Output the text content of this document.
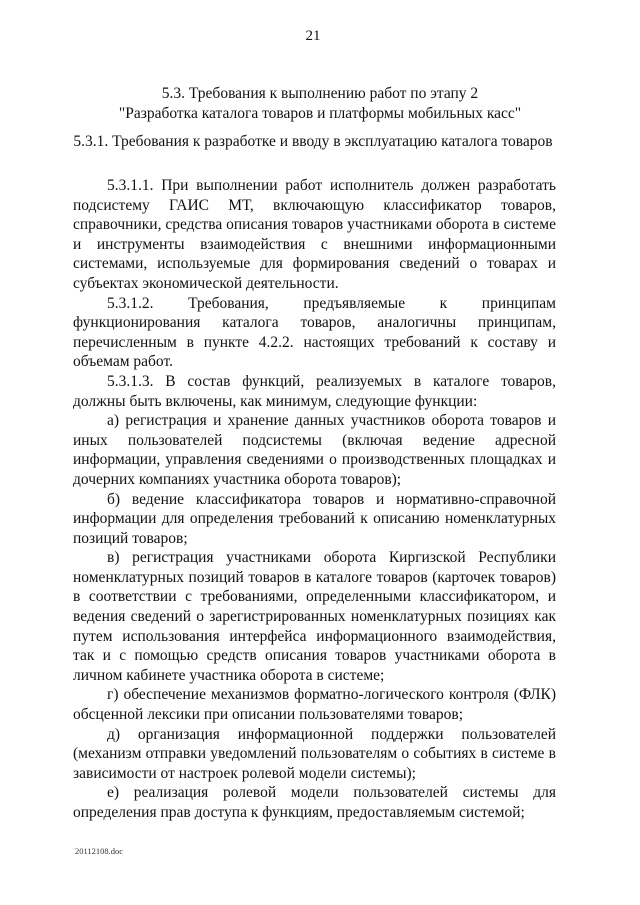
21
5.3. Требования к выполнению работ по этапу 2
"Разработка каталога товаров и платформы мобильных касс"
5.3.1. Требования к разработке и вводу в эксплуатацию каталога товаров

5.3.1.1. При выполнении работ исполнитель должен разработать подсистему ГАИС МТ, включающую классификатор товаров, справочники, средства описания товаров участниками оборота в системе и инструменты взаимодействия с внешними информационными системами, используемые для формирования сведений о товарах и субъектах экономической деятельности.

5.3.1.2. Требования, предъявляемые к принципам функционирования каталога товаров, аналогичны принципам, перечисленным в пункте 4.2.2. настоящих требований к составу и объемам работ.

5.3.1.3. В состав функций, реализуемых в каталоге товаров, должны быть включены, как минимум, следующие функции:

а) регистрация и хранение данных участников оборота товаров и иных пользователей подсистемы (включая ведение адресной информации, управления сведениями о производственных площадках и дочерних компаниях участника оборота товаров);

б) ведение классификатора товаров и нормативно-справочной информации для определения требований к описанию номенклатурных позиций товаров;

в) регистрация участниками оборота Киргизской Республики номенклатурных позиций товаров в каталоге товаров (карточек товаров) в соответствии с требованиями, определенными классификатором, и ведения сведений о зарегистрированных номенклатурных позициях как путем использования интерфейса информационного взаимодействия, так и с помощью средств описания товаров участниками оборота в личном кабинете участника оборота в системе;

г) обеспечение механизмов форматно-логического контроля (ФЛК) обсценной лексики при описании пользователями товаров;

д) организация информационной поддержки пользователей (механизм отправки уведомлений пользователям о событиях в системе в зависимости от настроек ролевой модели системы);

е) реализация ролевой модели пользователей системы для определения прав доступа к функциям, предоставляемым системой;

20112108.doc
